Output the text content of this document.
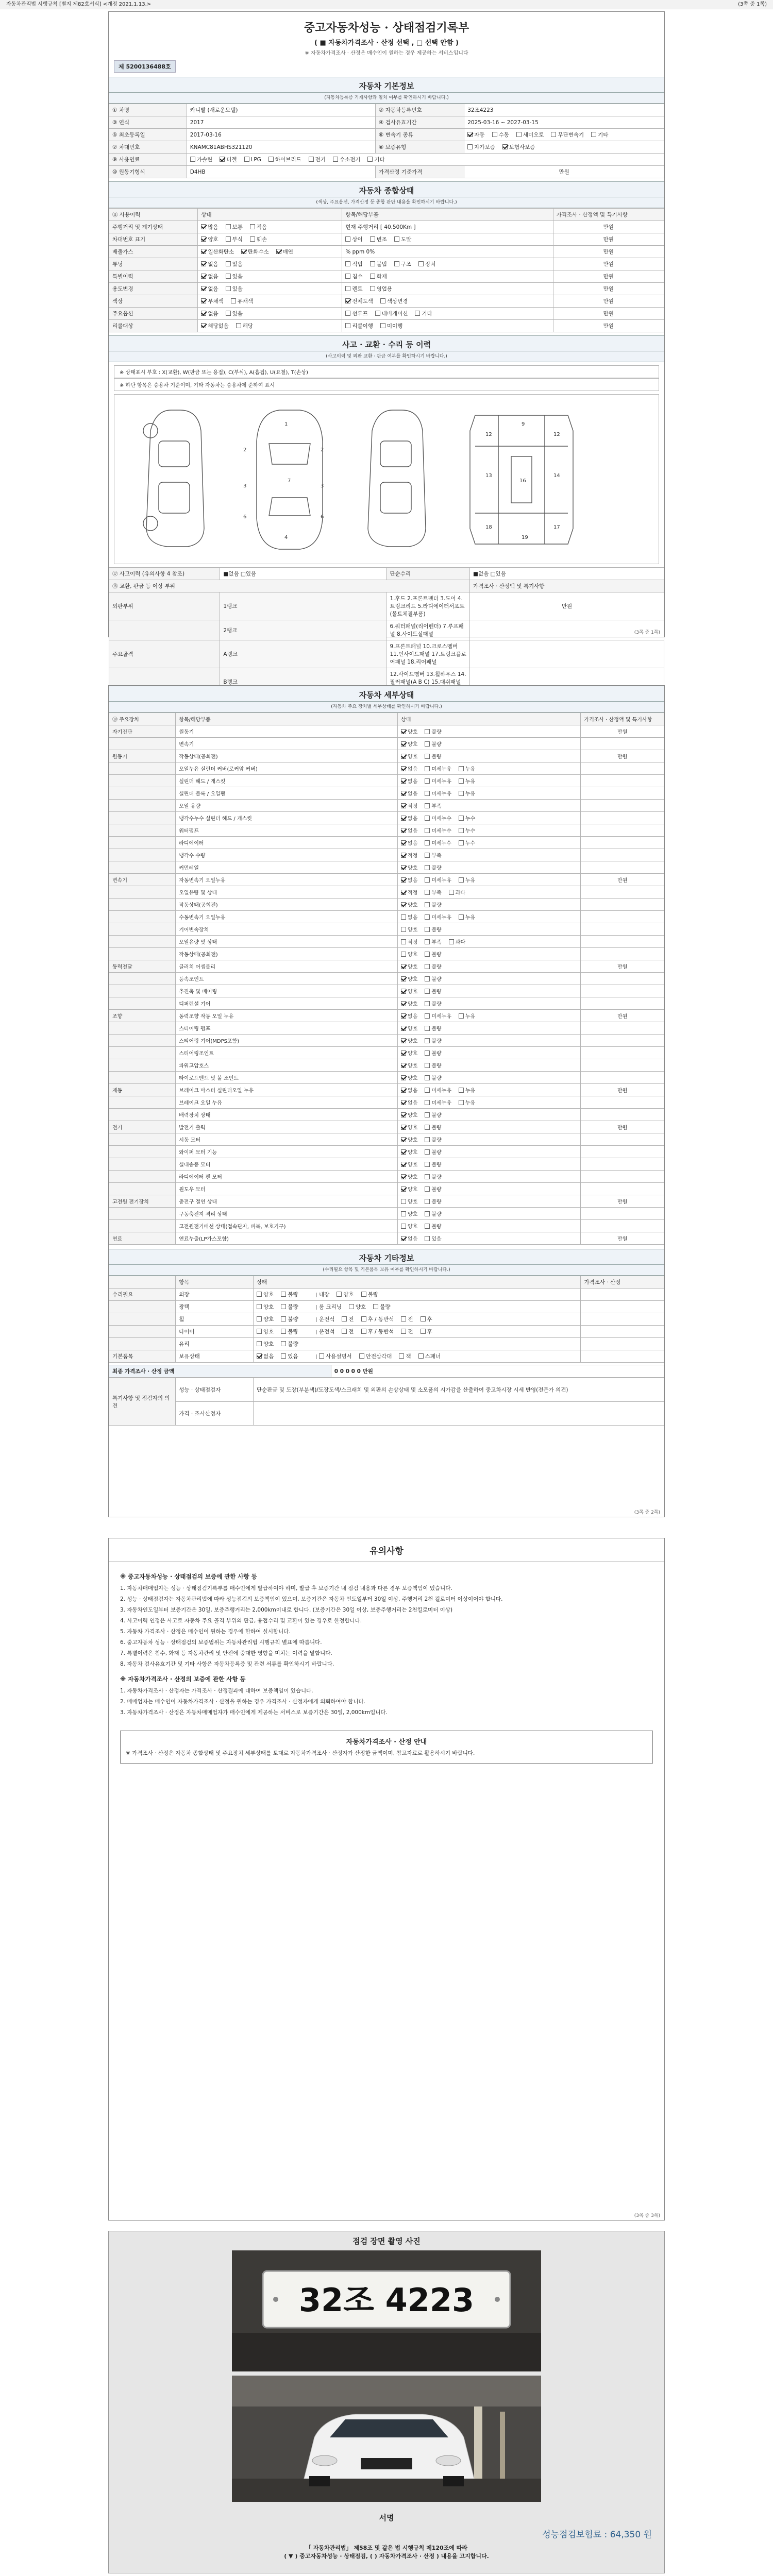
자동차관리법 시행규칙 [별지 제82호서식] <개정 2021.1.13.>	(3쪽 중 1쪽)
중고자동차성능 · 상태점검기록부
( ■ 자동차가격조사 · 산정 선택 , □ 선택 안함 )
※ 자동차가격조사 · 산정은 매수인이 원하는 경우 제공하는 서비스입니다
제 5200136488호
자동차 기본정보
(자동차등록증 기재사항과 일치 여부를 확인하시기 바랍니다.)
① 차명	카니발 (새로운모델)	② 자동차등록번호	32조4223
③ 연식	2017	④ 검사유효기간	2025-03-16 ~ 2027-03-15
⑤ 최초등록일	2017-03-16	⑥ 변속기 종류	자동 수동 세미오토 무단변속기 기타
⑦ 차대번호	KNAMC81ABHS321120	⑧ 보증유형	자가보증 보험사보증
⑨ 사용연료	가솔린 디젤 LPG 하이브리드 전기 수소전기 기타		
⑩ 원동기형식	D4HB	가격산정 기준가격	만원
자동차 종합상태
(색상, 주요옵션, 가격산정 등 종합 판단 내용을 확인하시기 바랍니다.)
⑪ 사용이력	상태	항목/해당부품	가격조사 · 산정액 및 특기사항
주행거리 및 계기상태	많음 보통 적음	현재 주행거리 [ 40,500Km ]	만원
차대번호 표기	양호 부식 훼손	상이 변조 도말	만원
배출가스	일산화탄소 탄화수소 매연	% ppm 0%	만원
튜닝	없음 있음	적법 불법 구조 장치	만원
특별이력	없음 있음	침수 화재	만원
용도변경	없음 있음	렌트 영업용	만원
색상	무채색 유채색	전체도색 색상변경	만원
주요옵션	없음 있음	선루프 내비게이션 기타	만원
리콜대상	해당없음 해당	리콜이행 미이행	만원
사고 · 교환 · 수리 등 이력
(사고이력 및 외판 교환 · 판금 여부를 확인하시기 바랍니다.)
※ 상태표시 부호 : X(교환), W(판금 또는 용접), C(부식), A(흠집), U(요철), T(손상)
※ 하단 항목은 승용차 기준이며, 기타 자동차는 승용차에 준하여 표시
1
2	2
3	3
7
4
6	6
9
12	12
13	14
16
18	17
19
⑰ 사고이력 (유의사항 4 참조)	■없음 □있음	단순수리	■없음 □있음
⑱ 교환, 판금 등 이상 부위			가격조사 · 산정액 및 특기사항
외판부위	1랭크	1.후드 2.프론트펜더 3.도어 4.트렁크리드 5.라디에이터서포트(볼트체결부품)	만원
	2랭크	6.쿼터패널(리어펜더) 7.루프패널 8.사이드실패널	
주요골격	A랭크	9.프론트패널 10.크로스멤버 11.인사이드패널 17.트렁크플로어패널 18.리어패널	
	B랭크	12.사이드멤버 13.휠하우스 14.필러패널(A B C) 15.대쉬패널	

(3쪽 중 1쪽)
자동차 세부상태
(자동차 주요 장치별 세부상태를 확인하시기 바랍니다.)
⑲ 주요장치	항목/해당부품	상태	가격조사 · 산정액 및 특기사항
자기진단	원동기	양호 불량	만원
	변속기	양호 불량	
원동기	작동상태(공회전)	양호 불량	만원
	오일누유 실린더 커버(로커암 커버)	없음 미세누유 누유	
	실린더 헤드 / 개스킷	없음 미세누유 누유	
	실린더 블록 / 오일팬	없음 미세누유 누유	
	오일 유량	적정 부족	
	냉각수누수 실린더 헤드 / 개스킷	없음 미세누수 누수	
	워터펌프	없음 미세누수 누수	
	라디에이터	없음 미세누수 누수	
	냉각수 수량	적정 부족	
	커먼레일	양호 불량	
변속기	자동변속기 오일누유	없음 미세누유 누유	만원
	오일유량 및 상태	적정 부족 과다	
	작동상태(공회전)	양호 불량	
	수동변속기 오일누유	없음 미세누유 누유	
	기어변속장치	양호 불량	
	오일유량 및 상태	적정 부족 과다	
	작동상태(공회전)	양호 불량	
동력전달	클러치 어셈블리	양호 불량	만원
	등속조인트	양호 불량	
	추진축 및 베어링	양호 불량	
	디퍼렌셜 기어	양호 불량	
조향	동력조향 작동 오일 누유	없음 미세누유 누유	만원
	스티어링 펌프	양호 불량	
	스티어링 기어(MDPS포함)	양호 불량	
	스티어링조인트	양호 불량	
	파워고압호스	양호 불량	
	타이로드엔드 및 볼 조인트	양호 불량	
제동	브레이크 마스터 실린더오일 누유	없음 미세누유 누유	만원
	브레이크 오일 누유	없음 미세누유 누유	
	배력장치 상태	양호 불량	
전기	발전기 출력	양호 불량	만원
	시동 모터	양호 불량	
	와이퍼 모터 기능	양호 불량	
	실내송풍 모터	양호 불량	
	라디에이터 팬 모터	양호 불량	
	윈도우 모터	양호 불량	
고전원 전기장치	충전구 절연 상태	양호 불량	만원
	구동축전지 격리 상태	양호 불량	
	고전원전기배선 상태(접속단자, 피복, 보호기구)	양호 불량	
연료	연료누출(LP가스포함)	없음 있음	만원
자동차 기타정보
(수리필요 항목 및 기본품목 보유 여부를 확인하시기 바랍니다.)
	항목	상태	가격조사 · 산정
수리필요	외장	양호 불량 | 내장 양호 불량	
	광택	양호 불량 | 룸 크리닝 양호 불량	
	휠	양호 불량 | 운전석 전 후 / 동반석 전 후	
	타이어	양호 불량 | 운전석 전 후 / 동반석 전 후	
	유리	양호 불량	
기본품목	보유상태	없음 있음 | 사용설명서 안전삼각대 잭 스패너	
최종 가격조사 · 산정 금액	0 0 0 0 0 만원
특기사항 및 점검자의 의견	성능 · 상태점검자	단순판금 및 도장(부분색)/도장도색/스크래치 및 외판의 손상상태 및 소모품의 시가감을 산출하여 중고차시장 시세 반영(전문가 의견)
	가격 · 조사산정자	
(3쪽 중 2쪽)
유의사항
※ 중고자동차성능 · 상태점검의 보증에 관한 사항 등

1. 자동차매매업자는 성능 · 상태점검기록부를 매수인에게 발급하여야 하며, 발급 후 보증기간 내 점검 내용과 다른 경우 보증책임이 있습니다.

2. 성능 · 상태점검자는 자동차관리법에 따라 성능점검의 보증책임이 있으며, 보증기간은 자동차 인도일부터 30일 이상, 주행거리 2천 킬로미터 이상이어야 합니다.

3. 자동차인도일부터 보증기간은 30일, 보증주행거리는 2,000km이내로 합니다. (보증기간은 30일 이상, 보증주행거리는 2천킬로미터 이상)

4. 사고이력 인정은 사고로 자동차 주요 골격 부위의 판금, 용접수리 및 교환이 있는 경우로 한정합니다.

5. 자동차 가격조사 · 산정은 매수인이 원하는 경우에 한하여 실시합니다.

6. 중고자동차 성능 · 상태점검의 보증범위는 자동차관리법 시행규칙 별표에 따릅니다.

7. 특별이력은 침수, 화재 등 자동차관리 및 안전에 중대한 영향을 미치는 이력을 말합니다.

8. 자동차 검사유효기간 및 기타 사항은 자동차등록증 및 관련 서류를 확인하시기 바랍니다.

※ 자동차가격조사 · 산정의 보증에 관한 사항 등

1. 자동차가격조사 · 산정자는 가격조사 · 산정결과에 대하여 보증책임이 있습니다.

2. 매매업자는 매수인이 자동차가격조사 · 산정을 원하는 경우 가격조사 · 산정자에게 의뢰하여야 합니다.

3. 자동차가격조사 · 산정은 자동차매매업자가 매수인에게 제공하는 서비스로 보증기간은 30일, 2,000km입니다.

자동차가격조사 · 산정 안내
※ 가격조사 · 산정은 자동차 종합상태 및 주요장치 세부상태를 토대로 자동차가격조사 · 산정자가 산정한 금액이며, 참고자료로 활용하시기 바랍니다.
(3쪽 중 3쪽)
점검 장면 촬영 사진
32조 4223
서명
성능점검보험료 : 64,350 원
「 자동차관리법」 제58조 및 같은 법 시행규칙 제120조에 따라
( ▼ ) 중고자동차성능 · 상태점검, ( ) 자동차가격조사 · 산정 ) 내용을 고지합니다.
